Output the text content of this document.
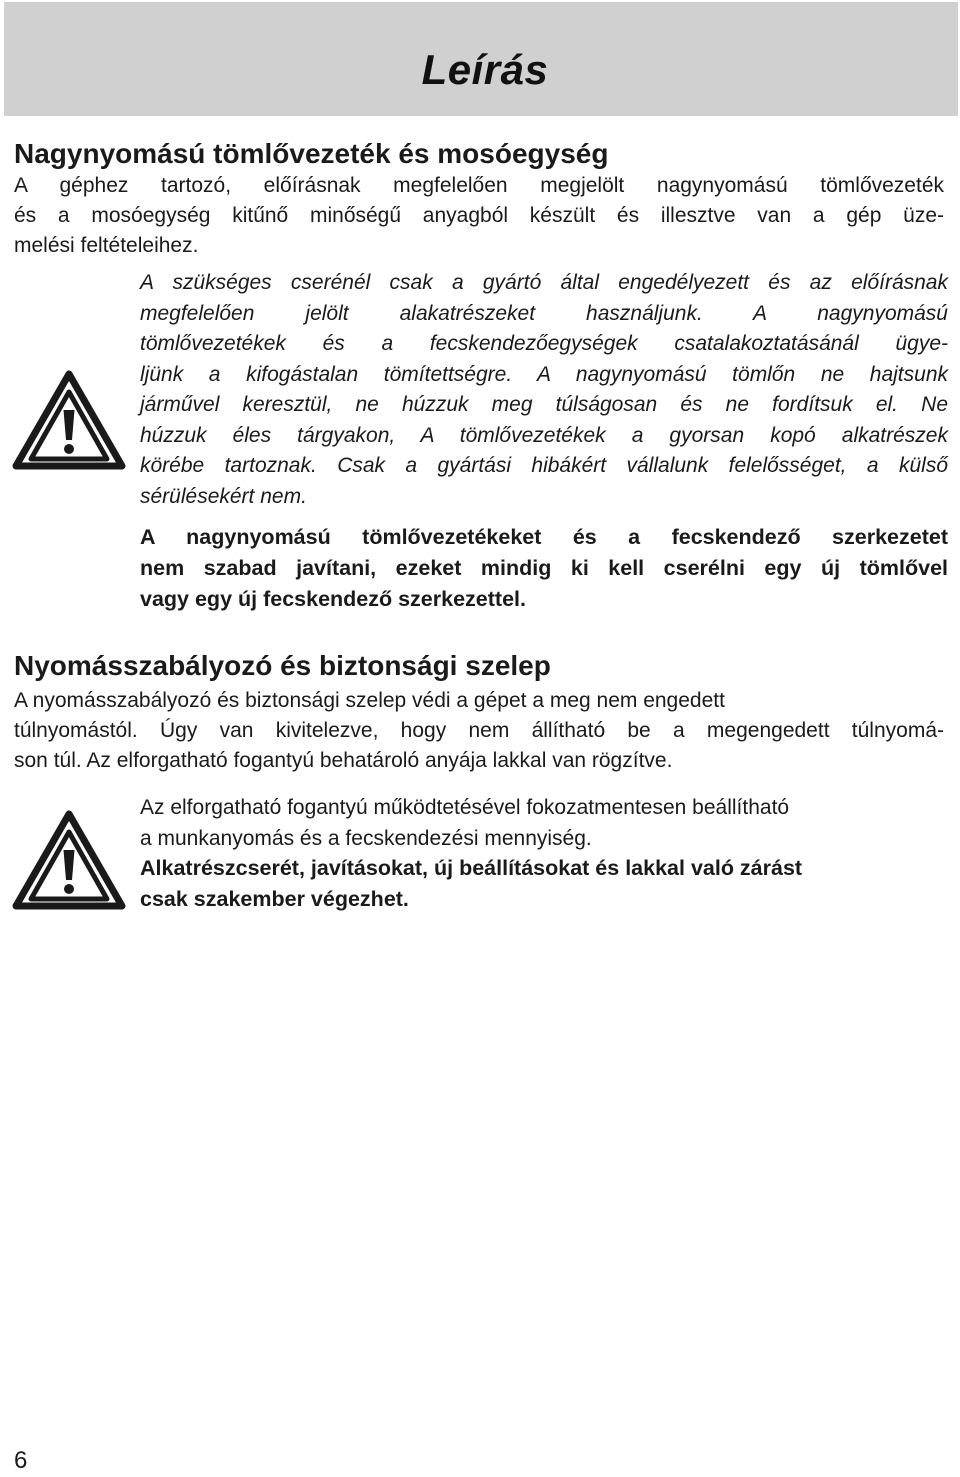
Leírás
Nagynyomású tömlővezeték és mosóegység
A géphez tartozó, előírásnak megfelelően megjelölt nagynyomású tömlővezeték
és a mosóegység kitűnő minőségű anyagból készült és illesztve van a gép üze-
melési feltételeihez.
A szükséges cserénél csak a gyártó által engedélyezett és az előírásnak
megfelelően jelölt alakatrészeket használjunk. A nagynyomású
tömlővezetékek és a fecskendezőegységek csatalakoztatásánál ügye-
ljünk a kifogástalan tömítettségre. A nagynyomású tömlőn ne hajtsunk
járművel keresztül, ne húzzuk meg túlságosan és ne fordítsuk el. Ne
húzzuk éles tárgyakon, A tömlővezetékek a gyorsan kopó alkatrészek
körébe tartoznak. Csak a gyártási hibákért vállalunk felelősséget, a külső
sérülésekért nem.
A nagynyomású tömlővezetékeket és a fecskendező szerkezetet
nem szabad javítani, ezeket mindig ki kell cserélni egy új tömlővel
vagy egy új fecskendező szerkezettel.
Nyomásszabályozó és biztonsági szelep
A nyomásszabályozó és biztonsági szelep védi a gépet a meg nem engedett
túlnyomástól. Úgy van kivitelezve, hogy nem állítható be a megengedett túlnyomá-
son túl. Az elforgatható fogantyú behatároló anyája lakkal van rögzítve.
Az elforgatható fogantyú működtetésével fokozatmentesen beállítható
a munkanyomás és a fecskendezési mennyiség.
Alkatrészcserét, javításokat, új beállításokat és lakkal való zárást
csak szakember végezhet.
6
